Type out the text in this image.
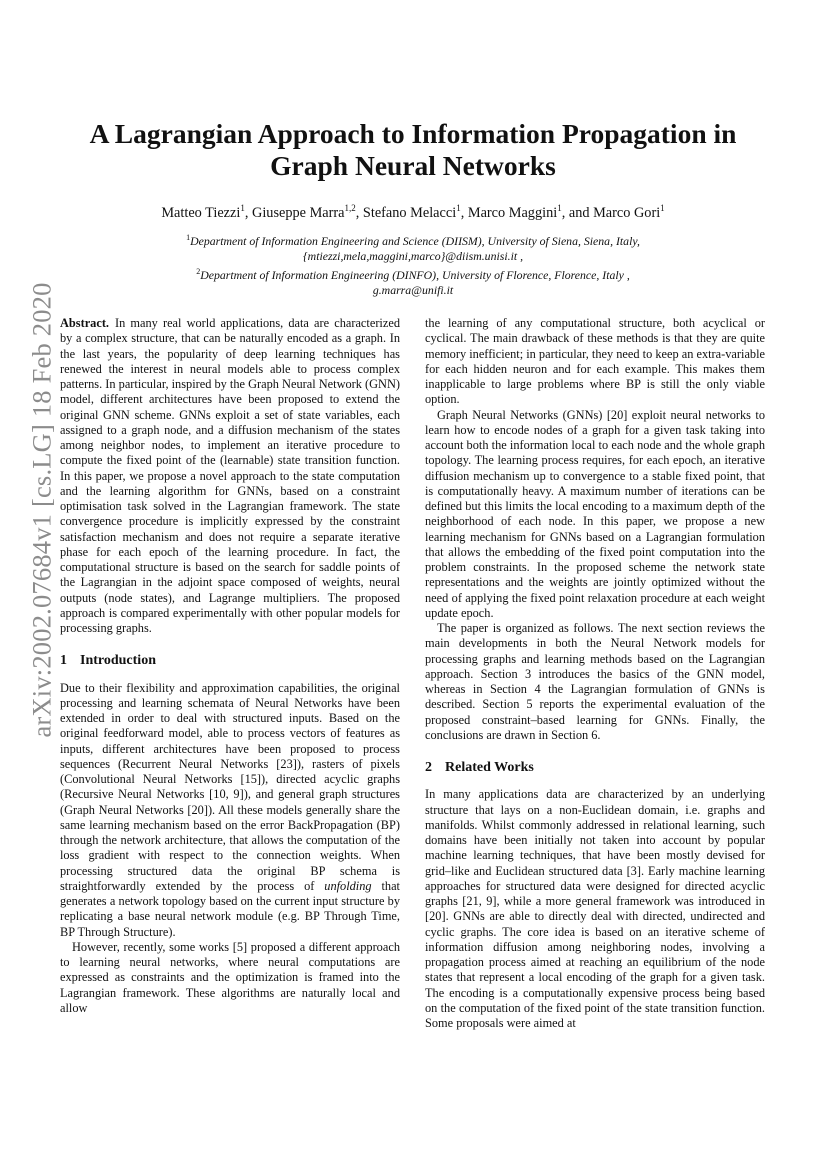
arXiv:2002.07684v1 [cs.LG] 18 Feb 2020
A Lagrangian Approach to Information Propagation in Graph Neural Networks
Matteo Tiezzi$^1$, Giuseppe Marra$^{1,2}$, Stefano Melacci$^1$, Marco Maggini$^1$, and Marco Gori$^1$
$^1$Department of Information Engineering and Science (DIISM), University of Siena, Siena, Italy,
{mtiezzi,mela,maggini,marco}@diism.unisi.it ,
$^2$Department of Information Engineering (DINFO), University of Florence, Florence, Italy ,
g.marra@unifi.it

Abstract. In many real world applications, data are characterized by a complex structure, that can be naturally encoded as a graph. In the last years, the popularity of deep learning techniques has renewed the interest in neural models able to process complex patterns. In particular, inspired by the Graph Neural Network (GNN) model, different architectures have been proposed to extend the original GNN scheme. GNNs exploit a set of state variables, each assigned to a graph node, and a diffusion mechanism of the states among neighbor nodes, to implement an iterative procedure to compute the fixed point of the (learnable) state transition function. In this paper, we propose a novel approach to the state computation and the learning algorithm for GNNs, based on a constraint optimisation task solved in the Lagrangian framework. The state convergence procedure is implicitly expressed by the constraint satisfaction mechanism and does not require a separate iterative phase for each epoch of the learning procedure. In fact, the computational structure is based on the search for saddle points of the Lagrangian in the adjoint space composed of weights, neural outputs (node states), and Lagrange multipliers. The proposed approach is compared experimentally with other popular models for processing graphs.

1 Introduction

Due to their flexibility and approximation capabilities, the original processing and learning schemata of Neural Networks have been extended in order to deal with structured inputs. Based on the original feedforward model, able to process vectors of features as inputs, different architectures have been proposed to process sequences (Recurrent Neural Networks [23]), rasters of pixels (Convolutional Neural Networks [15]), directed acyclic graphs (Recursive Neural Networks [10, 9]), and general graph structures (Graph Neural Networks [20]). All these models generally share the same learning mechanism based on the error BackPropagation (BP) through the network architecture, that allows the computation of the loss gradient with respect to the connection weights. When processing structured data the original BP schema is straightforwardly extended by the process of unfolding that generates a network topology based on the current input structure by replicating a base neural network module (e.g. BP Through Time, BP Through Structure).

However, recently, some works [5] proposed a different approach to learning neural networks, where neural computations are expressed as constraints and the optimization is framed into the Lagrangian framework. These algorithms are naturally local and allow

the learning of any computational structure, both acyclical or cyclical. The main drawback of these methods is that they are quite memory inefficient; in particular, they need to keep an extra-variable for each hidden neuron and for each example. This makes them inapplicable to large problems where BP is still the only viable option.

Graph Neural Networks (GNNs) [20] exploit neural networks to learn how to encode nodes of a graph for a given task taking into account both the information local to each node and the whole graph topology. The learning process requires, for each epoch, an iterative diffusion mechanism up to convergence to a stable fixed point, that is computationally heavy. A maximum number of iterations can be defined but this limits the local encoding to a maximum depth of the neighborhood of each node. In this paper, we propose a new learning mechanism for GNNs based on a Lagrangian formulation that allows the embedding of the fixed point computation into the problem constraints. In the proposed scheme the network state representations and the weights are jointly optimized without the need of applying the fixed point relaxation procedure at each weight update epoch.

The paper is organized as follows. The next section reviews the main developments in both the Neural Network models for processing graphs and learning methods based on the Lagrangian approach. Section 3 introduces the basics of the GNN model, whereas in Section 4 the Lagrangian formulation of GNNs is described. Section 5 reports the experimental evaluation of the proposed constraint–based learning for GNNs. Finally, the conclusions are drawn in Section 6.

2 Related Works

In many applications data are characterized by an underlying structure that lays on a non-Euclidean domain, i.e. graphs and manifolds. Whilst commonly addressed in relational learning, such domains have been initially not taken into account by popular machine learning techniques, that have been mostly devised for grid–like and Euclidean structured data [3]. Early machine learning approaches for structured data were designed for directed acyclic graphs [21, 9], while a more general framework was introduced in [20]. GNNs are able to directly deal with directed, undirected and cyclic graphs. The core idea is based on an iterative scheme of information diffusion among neighboring nodes, involving a propagation process aimed at reaching an equilibrium of the node states that represent a local encoding of the graph for a given task. The encoding is a computationally expensive process being based on the computation of the fixed point of the state transition function. Some proposals were aimed at
